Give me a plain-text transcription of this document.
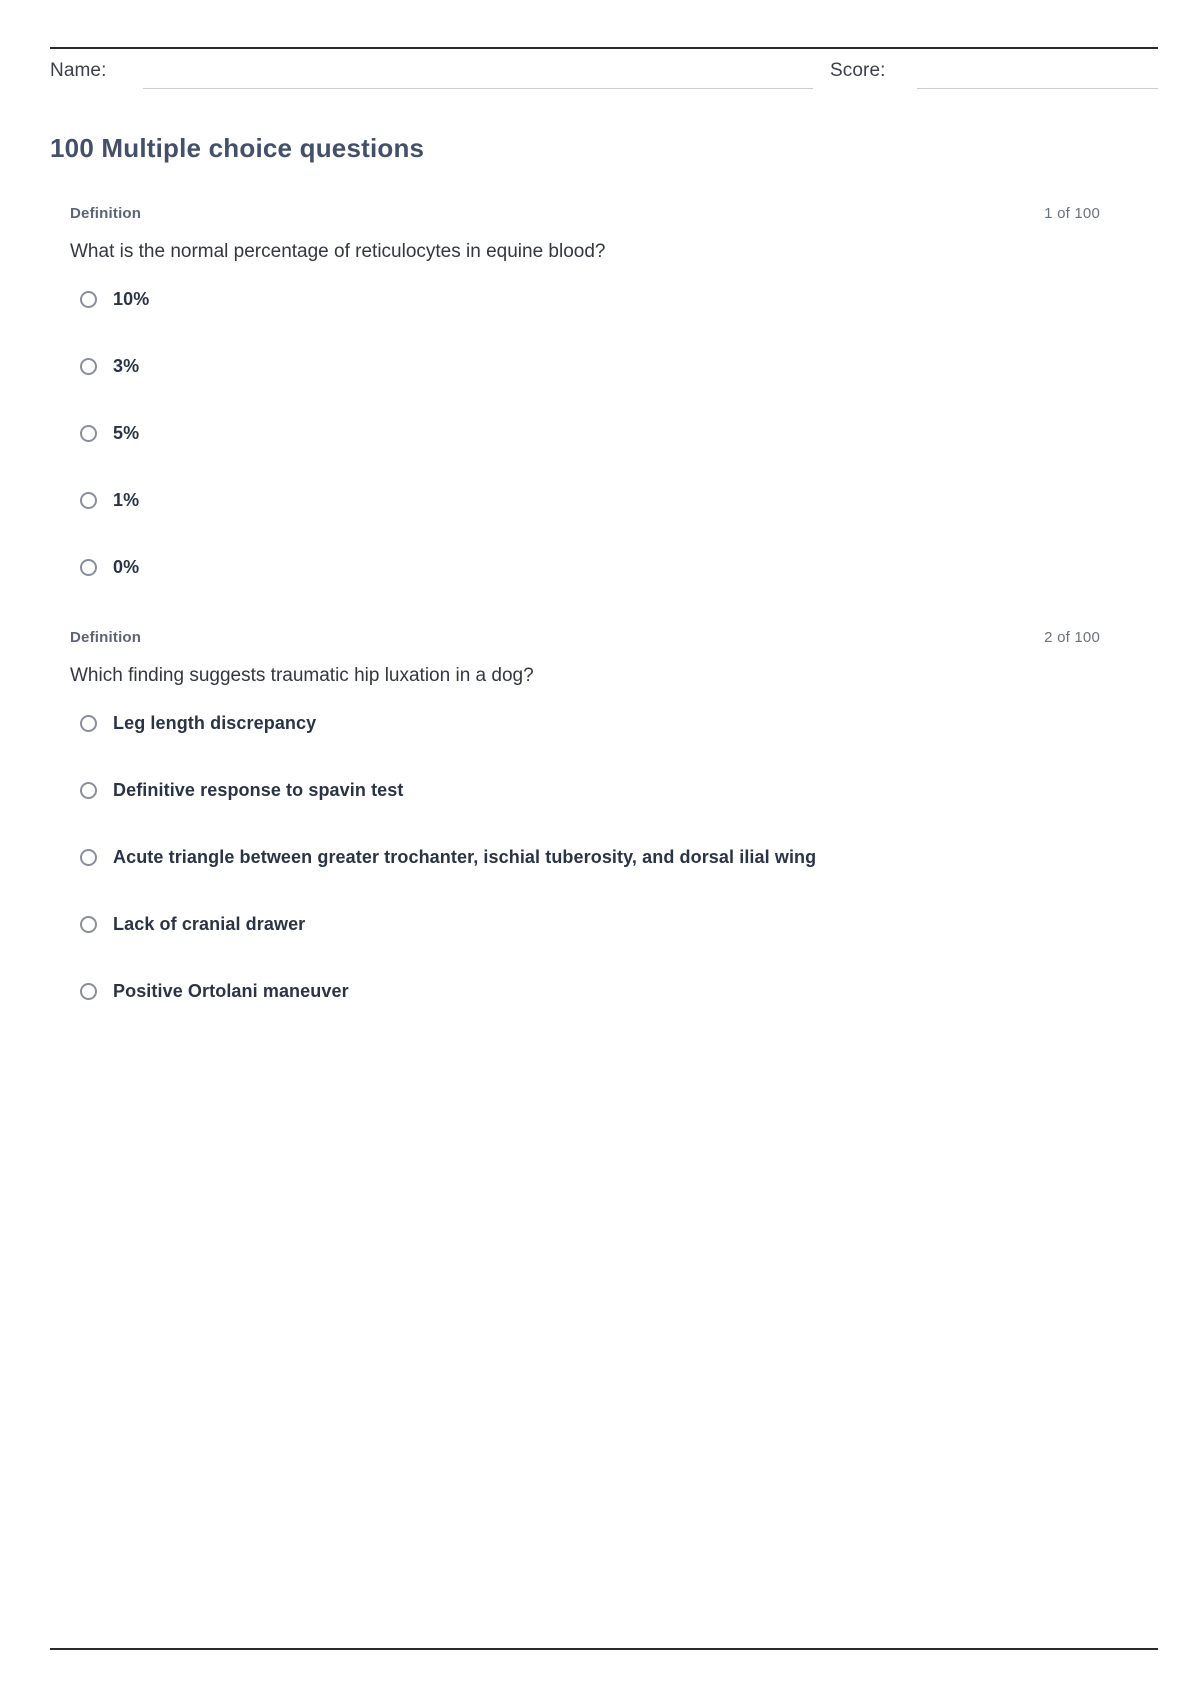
Name:	Score:
100 Multiple choice questions
Definition	1 of 100
What is the normal percentage of reticulocytes in equine blood?
10%
3%
5%
1%
0%
Definition	2 of 100
Which finding suggests traumatic hip luxation in a dog?
Leg length discrepancy
Definitive response to spavin test
Acute triangle between greater trochanter, ischial tuberosity, and dorsal ilial wing
Lack of cranial drawer
Positive Ortolani maneuver
